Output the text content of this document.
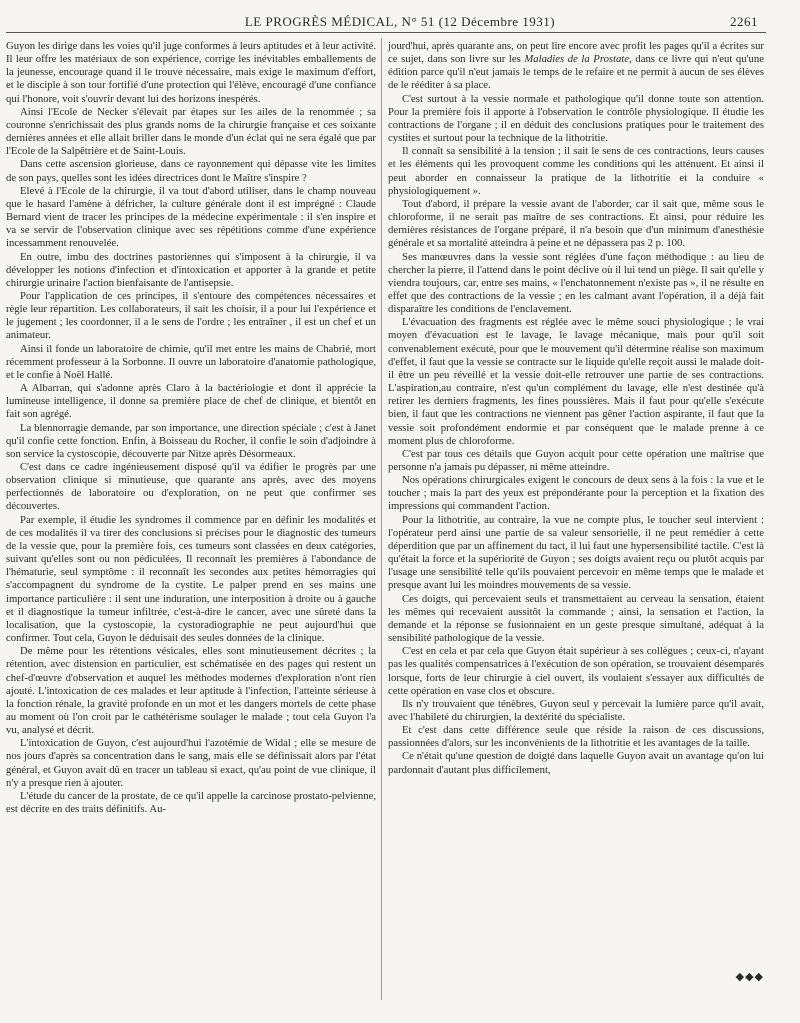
LE PROGRÈS MÉDICAL, N° 51 (12 Décembre 1931)	2261

Guyon les dirige dans les voies qu'il juge conformes à leurs aptitudes et à leur activité. Il leur offre les matériaux de son expérience, corrige les inévitables emballements de la jeunesse, encourage quand il le trouve nécessaire, mais exige le maximum d'effort, et le disciple à son tour fortifié d'une protection qui l'élève, encouragé d'une confiance qui l'honore, voit s'ouvrir devant lui des horizons inespérés.

Ainsi l'Ecole de Necker s'élevait par étapes sur les ailes de la renommée ; sa couronne s'enrichissait des plus grands noms de la chirurgie française et ces soixante dernières années et elle allait briller dans le monde d'un éclat qui ne sera égalé que par l'Ecole de la Salpêtrière et de Saint-Louis.

Dans cette ascension glorieuse, dans ce rayonnement qui dépasse vite les limites de son pays, quelles sont les idées directrices dont le Maître s'inspire ?

Elevé à l'Ecole de la chirurgie, il va tout d'abord utiliser, dans le champ nouveau que le hasard l'amène à défricher, la culture générale dont il est imprégné : Claude Bernard vient de tracer les principes de la médecine expérimentale : il s'en inspire et va se servir de l'observation clinique avec ses répétitions comme d'une expérience incessamment renouvelée.

En outre, imbu des doctrines pastoriennes qui s'imposent à la chirurgie, il va développer les notions d'infection et d'intoxication et apporter à la grande et petite chirurgie urinaire l'action bienfaisante de l'antisepsie.

Pour l'application de ces principes, il s'entoure des compétences nécessaires et règle leur répartition. Les collaborateurs, il sait les choisir, il a pour lui l'expérience et le jugement ; les coordonner, il a le sens de l'ordre ; les entraîner , il est un chef et un animateur.

Ainsi il fonde un laboratoire de chimie, qu'il met entre les mains de Chabrié, mort récemment professeur à la Sorbonne. Il ouvre un laboratoire d'anatomie pathologique, et le confie à Noël Hallé.

A Albarran, qui s'adonne après Claro à la bactériologie et dont il apprécie la lumineuse intelligence, il donne sa première place de chef de clinique, et bientôt en fait son agrégé.

La blennorragie demande, par son importance, une direction spéciale ; c'est à Janet qu'il confie cette fonction. Enfin, à Boisseau du Rocher, il confie le soin d'adjoindre à son service la cystoscopie, découverte par Nitze après Désormeaux.

C'est dans ce cadre ingénieusement disposé qu'il va édifier le progrès par une observation clinique si minutieuse, que quarante ans après, avec des moyens perfectionnés de laboratoire ou d'exploration, on ne peut que confirmer ses découvertes.

Par exemple, il étudie les syndromes il commence par en définir les modalités et de ces modalités il va tirer des conclusions si précises pour le diagnostic des tumeurs de la vessie que, pour la première fois, ces tumeurs sont classées en deux catégories, suivant qu'elles sont ou non pédiculées. Il reconnaît les premières à l'abondance de l'hématurie, seul symptôme : il reconnaît les secondes aux petites hémorragies qui s'accompagnent du syndrome de la cystite. Le palper prend en ses mains une importance particulière : il sent une induration, une interposition à droite ou à gauche et il diagnostique la tumeur infiltrée, c'est-à-dire le cancer, avec une sûreté dans la localisation, que la cystoscopie, la cystoradiographie ne peut aujourd'hui que confirmer. Tout cela, Guyon le déduisait des seules données de la clinique.

De même pour les rétentions vésicales, elles sont minutieusement décrites ; la rétention, avec distension en particulier, est schématisée en des pages qui restent un chef-d'œuvre d'observation et auquel les méthodes modernes d'exploration n'ont rien ajouté. L'intoxication de ces malades et leur aptitude à l'infection, l'atteinte sérieuse à la fonction rénale, la gravité profonde en un mot et les dangers mortels de cette phase au moment où l'on croit par le cathétérisme soulager le malade ; tout cela Guyon l'a vu, analysé et décrit.

L'intoxication de Guyon, c'est aujourd'hui l'azotémie de Widal ; elle se mesure de nos jours d'après sa concentration dans le sang, mais elle se définissait alors par l'état général, et Guyon avait dû en tracer un tableau si exact, qu'au point de vue clinique, il n'y a presque rien à ajouter.

L'étude du cancer de la prostate, de ce qu'il appelle la carcinose prostato-pelvienne, est décrite en des traits définitifs. Au-

jourd'hui, après quarante ans, on peut lire encore avec profit les pages qu'il a écrites sur ce sujet, dans son livre sur les Maladies de la Prostate, dans ce livre qui n'eut qu'une édition parce qu'il n'eut jamais le temps de le refaire et ne permit à aucun de ses élèves de le rééditer à sa place.

C'est surtout à la vessie normale et pathologique qu'il donne toute son attention. Pour la première fois il apporte à l'observation le contrôle physiologique. Il étudie les contractions de l'organe ; il en déduit des conclusions pratiques pour le traitement des cystites et surtout pour la technique de la lithotritie.

Il connaît sa sensibilité à la tension ; il sait le sens de ces contractions, leurs causes et les éléments qui les provoquent comme les conditions qui les atténuent. Et ainsi il peut aborder en connaisseur la pratique de la lithotritie et la conduire « physiologiquement ».

Tout d'abord, il prépare la vessie avant de l'aborder, car il sait que, même sous le chloroforme, il ne serait pas maître de ses contractions. Et ainsi, pour réduire les dernières résistances de l'organe préparé, il n'a besoin que d'un minimum d'anesthésie générale et sa mortalité atteindra à peine et ne dépassera pas 2 p. 100.

Ses manœuvres dans la vessie sont réglées d'une façon méthodique : au lieu de chercher la pierre, il l'attend dans le point déclive où il lui tend un piège. Il sait qu'elle y viendra toujours, car, entre ses mains, « l'enchatonnement n'existe pas », il ne résulte en effet que des contractions de la vessie ; en les calmant avant l'opération, il a déjà fait disparaître les conditions de l'enclavement.

L'évacuation des fragments est réglée avec le même souci physiologique ; le vrai moyen d'évacuation est le lavage, le lavage mécanique, mais pour qu'il soit convenablement exécuté, pour que le mouvement qu'il détermine réalise son maximum d'effet, il faut que la vessie se contracte sur le liquide qu'elle reçoit aussi le malade doit-il être un peu réveillé et la vessie doit-elle retrouver une partie de ses contractions. L'aspiration,au contraire, n'est qu'un complément du lavage, elle n'est destinée qu'à retirer les derniers fragments, les fines poussières. Mais il faut pour qu'elle s'exécute bien, il faut que les contractions ne viennent pas gêner l'action aspirante, il faut que la vessie soit profondément endormie et par conséquent que le malade prenne à ce moment plus de chloroforme.

C'est par tous ces détails que Guyon acquit pour cette opération une maîtrise que personne n'a jamais pu dépasser, ni même atteindre.

Nos opérations chirurgicales exigent le concours de deux sens à la fois : la vue et le toucher ; mais la part des yeux est prépondérante pour la perception et la fixation des impressions qui commandent l'action.

Pour la lithotritie, au contraire, la vue ne compte plus, le toucher seul intervient : l'opérateur perd ainsi une partie de sa valeur sensorielle, il ne peut remédier à cette déperdition que par un affinement du tact, il lui faut une hypersensibilité tactile. C'est là qu'était la force et la supériorité de Guyon ; ses doigts avaient reçu ou plutôt acquis par l'usage une sensibilité telle qu'ils pouvaient percevoir en même temps que le malade et presque avant lui les moindres mouvements de sa vessie.

Ces doigts, qui percevaient seuls et transmettaient au cerveau la sensation, étaient les mêmes qui recevaient aussitôt la commande ; ainsi, la sensation et l'action, la demande et la réponse se fusionnaient en un geste presque simultané, adéquat à la sensibilité pathologique de la vessie.

C'est en cela et par cela que Guyon était supérieur à ses collègues ; ceux-ci, n'ayant pas les qualités compensatrices à l'exécution de son opération, se trouvaient désemparés lorsque, forts de leur chirurgie à ciel ouvert, ils voulaient s'essayer aux difficultés de cette opération en vase clos et obscure.

Ils n'y trouvaient que ténèbres, Guyon seul y percevait la lumière parce qu'il avait, avec l'habileté du chirurgien, la dextérité du spécialiste.

Et c'est dans cette différence seule que réside la raison de ces discussions, passionnées d'alors, sur les inconvénients de la lithotritie et les avantages de la taille.

Ce n'était qu'une question de doigté dans laquelle Guyon avait un avantage qu'on lui pardonnait d'autant plus difficilement,

◆◆◆
